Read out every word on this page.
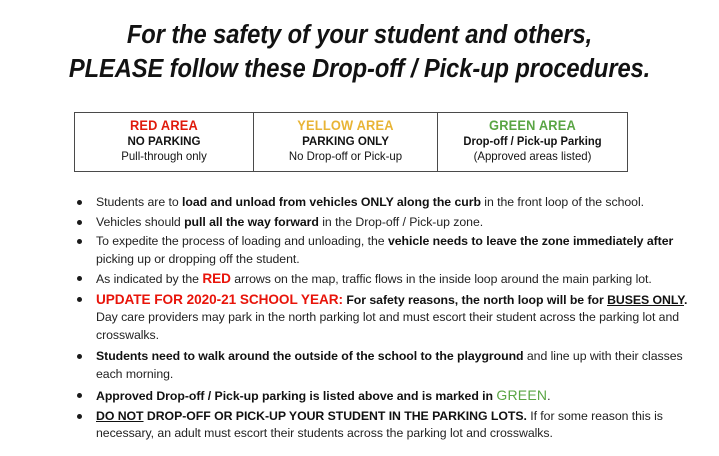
For the safety of your student and others,
PLEASE follow these Drop-off / Pick-up procedures.
RED AREA
NO PARKING
Pull-through only
YELLOW AREA
PARKING ONLY
No Drop-off or Pick-up
GREEN AREA
Drop-off / Pick-up Parking
(Approved areas listed)
Students are to load and unload from vehicles ONLY along the curb in the front loop of the school.
Vehicles should pull all the way forward in the Drop-off / Pick-up zone.
To expedite the process of loading and unloading, the vehicle needs to leave the zone immediately after picking up or dropping off the student.
As indicated by the RED arrows on the map, traffic flows in the inside loop around the main parking lot.
UPDATE FOR 2020-21 SCHOOL YEAR: For safety reasons, the north loop will be for BUSES ONLY. Day care providers may park in the north parking lot and must escort their student across the parking lot and crosswalks.
Students need to walk around the outside of the school to the playground and line up with their classes each morning.
Approved Drop-off / Pick-up parking is listed above and is marked in GREEN.
DO NOT DROP-OFF OR PICK-UP YOUR STUDENT IN THE PARKING LOTS. If for some reason this is necessary, an adult must escort their students across the parking lot and crosswalks.
